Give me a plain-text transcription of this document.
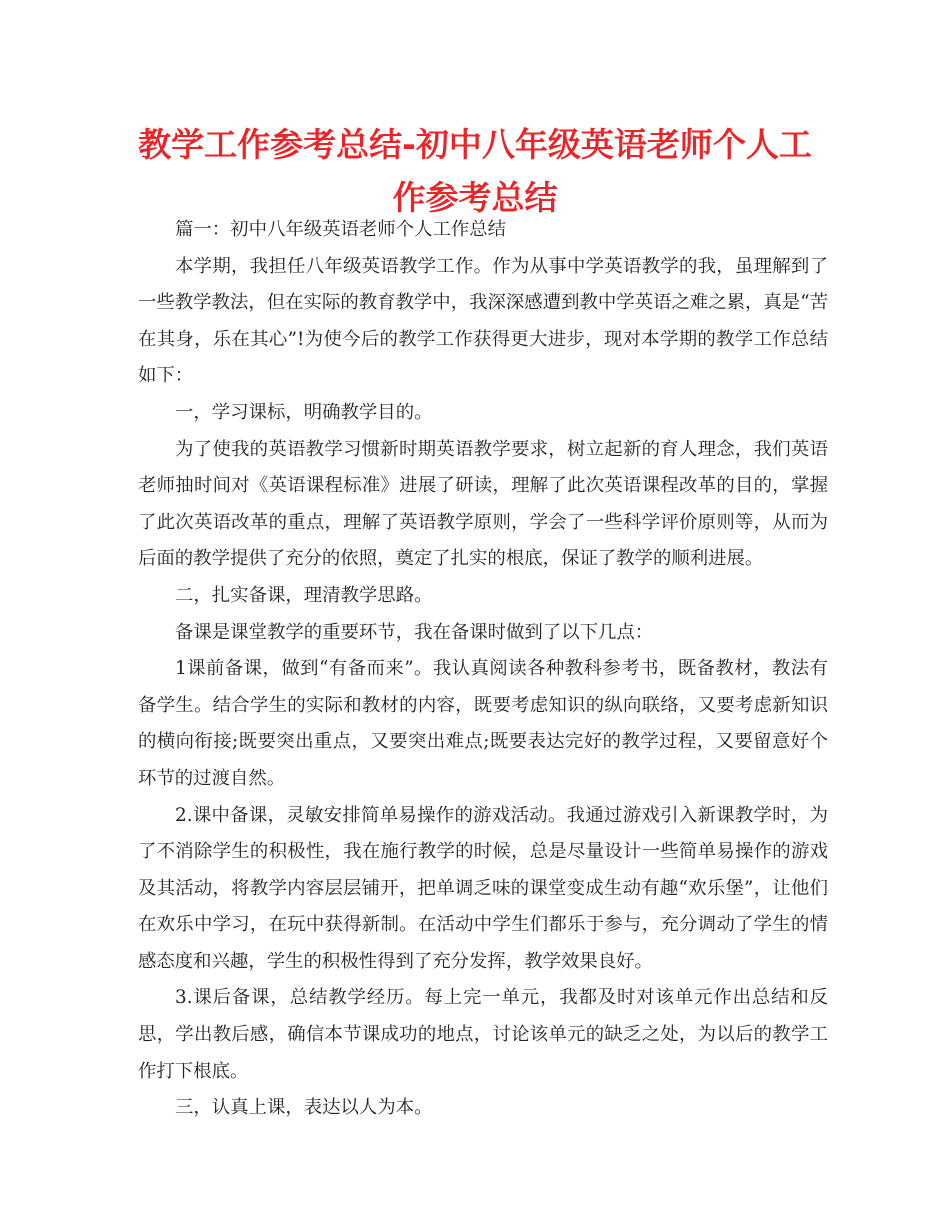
教学工作参考总结-初中八年级英语老师个人工作参考总结

篇一：初中八年级英语老师个人工作总结

本学期，我担任八年级英语教学工作。作为从事中学英语教学的我，虽理解到了一些教学教法，但在实际的教育教学中，我深深感遭到教中学英语之难之累，真是“苦在其身，乐在其心”!为使今后的教学工作获得更大进步，现对本学期的教学工作总结如下：

一，学习课标，明确教学目的。

为了使我的英语教学习惯新时期英语教学要求，树立起新的育人理念，我们英语老师抽时间对《英语课程标准》进展了研读，理解了此次英语课程改革的目的，掌握了此次英语改革的重点，理解了英语教学原则，学会了一些科学评价原则等，从而为后面的教学提供了充分的依照，奠定了扎实的根底，保证了教学的顺利进展。

二，扎实备课，理清教学思路。

备课是课堂教学的重要环节，我在备课时做到了以下几点：

1课前备课，做到“有备而来”。我认真阅读各种教科参考书，既备教材，教法有备学生。结合学生的实际和教材的内容，既要考虑知识的纵向联络，又要考虑新知识的横向衔接;既要突出重点，又要突出难点;既要表达完好的教学过程，又要留意好个环节的过渡自然。

2.课中备课，灵敏安排简单易操作的游戏活动。我通过游戏引入新课教学时，为了不消除学生的积极性，我在施行教学的时候，总是尽量设计一些简单易操作的游戏及其活动，将教学内容层层铺开，把单调乏味的课堂变成生动有趣“欢乐堡”，让他们在欢乐中学习，在玩中获得新制。在活动中学生们都乐于参与，充分调动了学生的情感态度和兴趣，学生的积极性得到了充分发挥，教学效果良好。

3.课后备课，总结教学经历。每上完一单元，我都及时对该单元作出总结和反思，学出教后感，确信本节课成功的地点，讨论该单元的缺乏之处，为以后的教学工作打下根底。

三，认真上课，表达以人为本。
